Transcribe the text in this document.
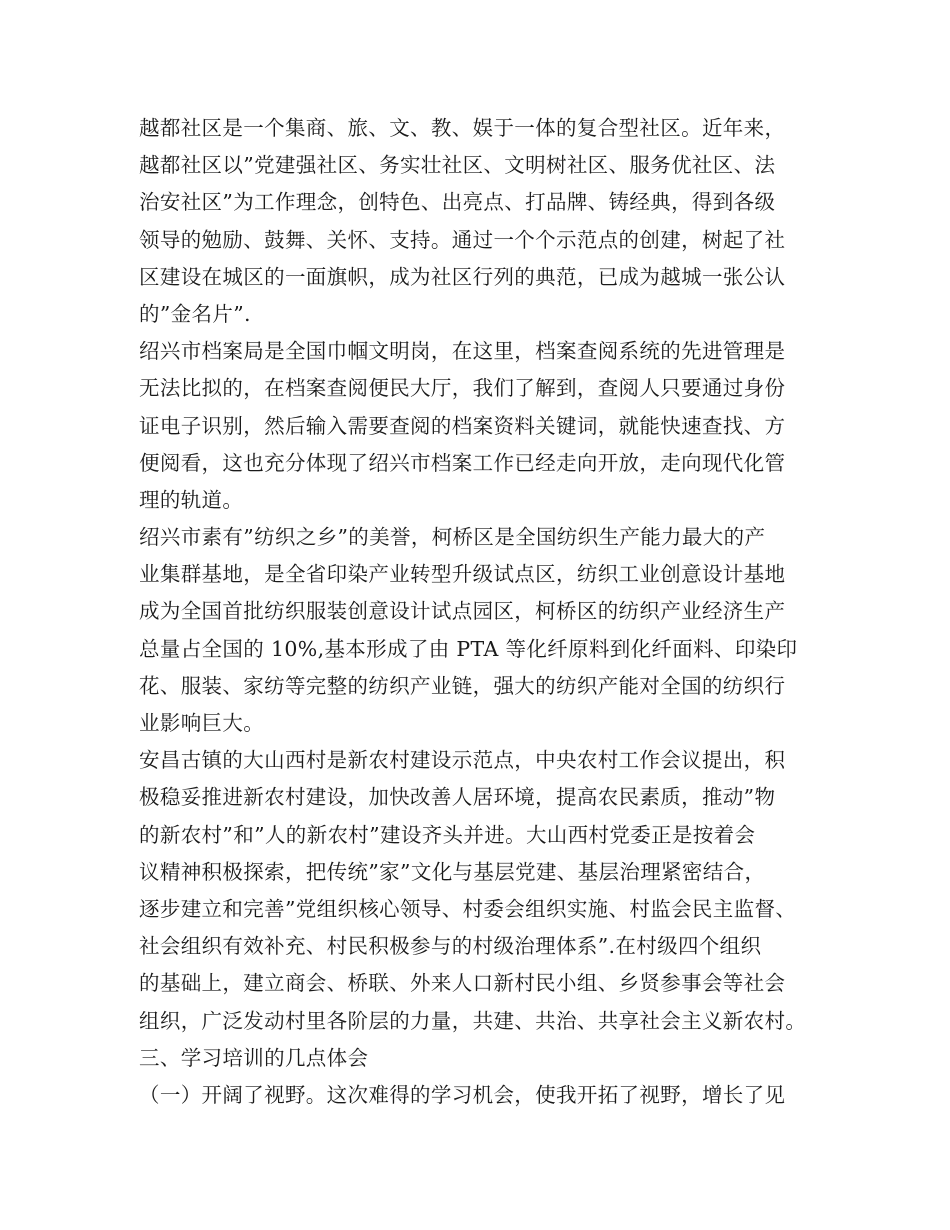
越都社区是一个集商、旅、文、教、娱于一体的复合型社区。近年来，
越都社区以”党建强社区、务实壮社区、文明树社区、服务优社区、法
治安社区”为工作理念，创特色、出亮点、打品牌、铸经典，得到各级
领导的勉励、鼓舞、关怀、支持。通过一个个示范点的创建，树起了社
区建设在城区的一面旗帜，成为社区行列的典范，已成为越城一张公认
的”金名片”.
绍兴市档案局是全国巾帼文明岗，在这里，档案查阅系统的先进管理是
无法比拟的，在档案查阅便民大厅，我们了解到，查阅人只要通过身份
证电子识别，然后输入需要查阅的档案资料关键词，就能快速查找、方
便阅看，这也充分体现了绍兴市档案工作已经走向开放，走向现代化管
理的轨道。
绍兴市素有”纺织之乡”的美誉，柯桥区是全国纺织生产能力最大的产
业集群基地，是全省印染产业转型升级试点区，纺织工业创意设计基地
成为全国首批纺织服装创意设计试点园区，柯桥区的纺织产业经济生产
总量占全国的 10%,基本形成了由 PTA 等化纤原料到化纤面料、印染印
花、服装、家纺等完整的纺织产业链，强大的纺织产能对全国的纺织行
业影响巨大。
安昌古镇的大山西村是新农村建设示范点，中央农村工作会议提出，积
极稳妥推进新农村建设，加快改善人居环境，提高农民素质，推动”物
的新农村”和”人的新农村”建设齐头并进。大山西村党委正是按着会
议精神积极探索，把传统”家”文化与基层党建、基层治理紧密结合，
逐步建立和完善”党组织核心领导、村委会组织实施、村监会民主监督、
社会组织有效补充、村民积极参与的村级治理体系”.在村级四个组织
的基础上，建立商会、桥联、外来人口新村民小组、乡贤参事会等社会
组织，广泛发动村里各阶层的力量，共建、共治、共享社会主义新农村。
三、学习培训的几点体会
（一）开阔了视野。这次难得的学习机会，使我开拓了视野，增长了见
